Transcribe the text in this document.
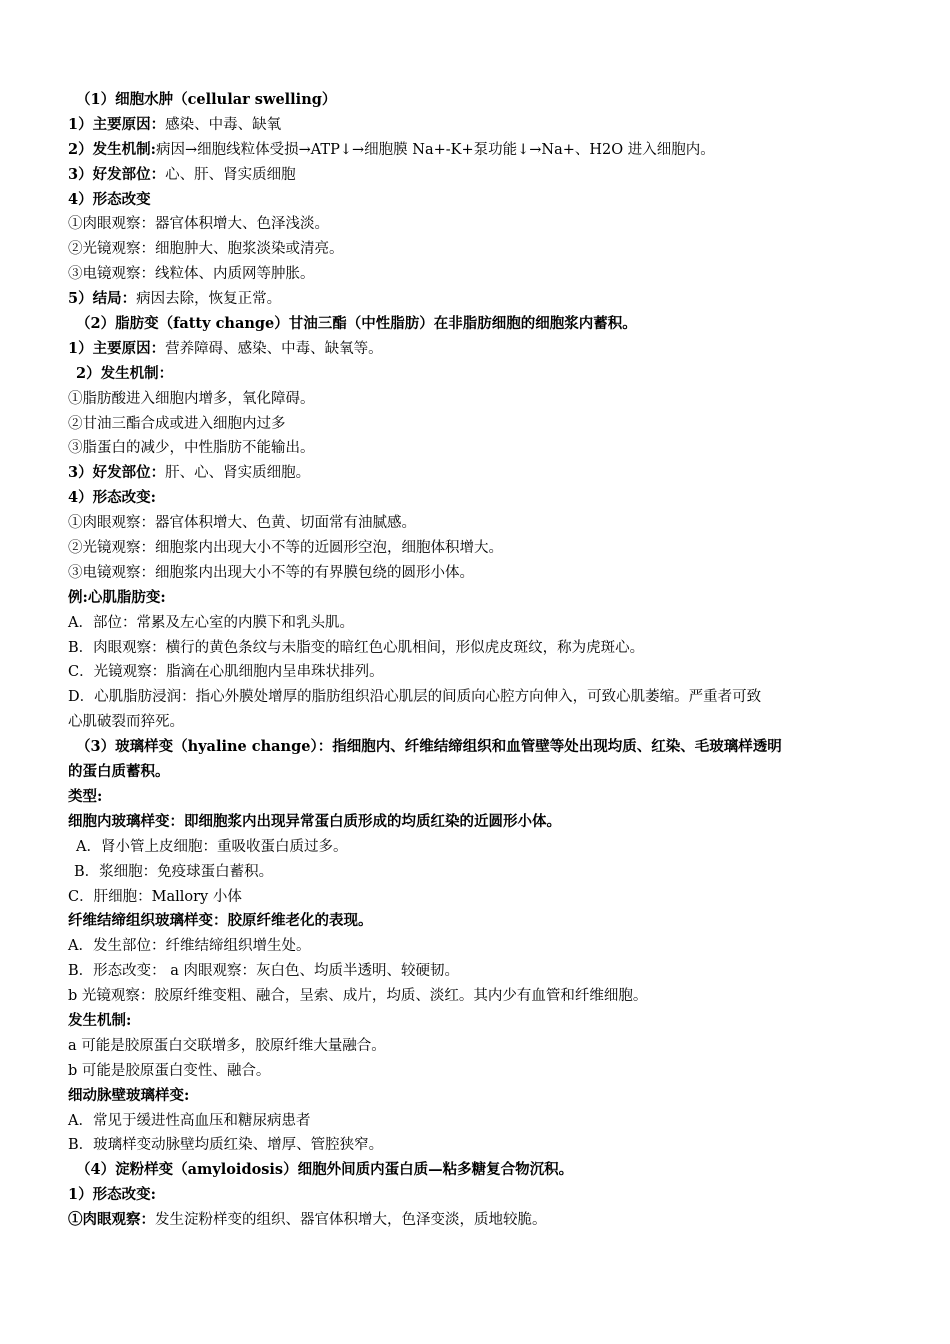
（1）细胞水肿（cellular swelling）
1）主要原因：感染、中毒、缺氧
2）发生机制:病因→细胞线粒体受损→ATP↓→细胞膜 Na+-K+泵功能↓→Na+、H2O 进入细胞内。
3）好发部位：心、肝、肾实质细胞
4）形态改变
①肉眼观察：器官体积增大、色泽浅淡。
②光镜观察：细胞肿大、胞浆淡染或清亮。
③电镜观察：线粒体、内质网等肿胀。
5）结局：病因去除，恢复正常。
（2）脂肪变（fatty change）甘油三酯（中性脂肪）在非脂肪细胞的细胞浆内蓄积。
1）主要原因：营养障碍、感染、中毒、缺氧等。
2）发生机制：
①脂肪酸进入细胞内增多，氧化障碍。
②甘油三酯合成或进入细胞内过多
③脂蛋白的减少，中性脂肪不能输出。
3）好发部位：肝、心、肾实质细胞。
4）形态改变:
①肉眼观察：器官体积增大、色黄、切面常有油腻感。
②光镜观察：细胞浆内出现大小不等的近圆形空泡，细胞体积增大。
③电镜观察：细胞浆内出现大小不等的有界膜包绕的圆形小体。
例:心肌脂肪变:
A．部位：常累及左心室的内膜下和乳头肌。
B．肉眼观察：横行的黄色条纹与未脂变的暗红色心肌相间，形似虎皮斑纹，称为虎斑心。
C．光镜观察：脂滴在心肌细胞内呈串珠状排列。
D．心肌脂肪浸润：指心外膜处增厚的脂肪组织沿心肌层的间质向心腔方向伸入，可致心肌萎缩。严重者可致
心肌破裂而猝死。
（3）玻璃样变（hyaline change）：指细胞内、纤维结缔组织和血管壁等处出现均质、红染、毛玻璃样透明
的蛋白质蓄积。
类型:
细胞内玻璃样变：即细胞浆内出现异常蛋白质形成的均质红染的近圆形小体。
A．肾小管上皮细胞：重吸收蛋白质过多。
B．浆细胞：免疫球蛋白蓄积。
C．肝细胞：Mallory 小体
纤维结缔组织玻璃样变：胶原纤维老化的表现。
A．发生部位：纤维结缔组织增生处。
B．形态改变： a 肉眼观察：灰白色、均质半透明、较硬韧。
b 光镜观察：胶原纤维变粗、融合，呈索、成片，均质、淡红。其内少有血管和纤维细胞。
发生机制:
a 可能是胶原蛋白交联增多，胶原纤维大量融合。
b 可能是胶原蛋白变性、融合。
细动脉壁玻璃样变:
A．常见于缓进性高血压和糖尿病患者
B．玻璃样变动脉壁均质红染、增厚、管腔狭窄。
（4）淀粉样变（amyloidosis）细胞外间质内蛋白质—粘多糖复合物沉积。
1）形态改变:
①肉眼观察：发生淀粉样变的组织、器官体积增大，色泽变淡，质地较脆。
